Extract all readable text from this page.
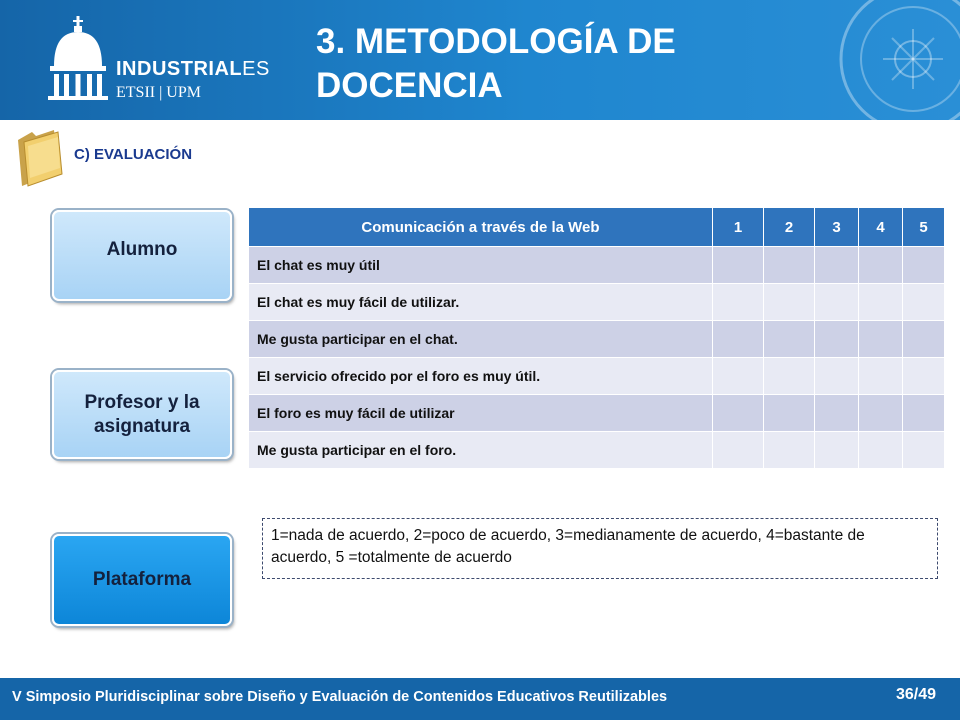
INDUSTRIALES
ETSII | UPM
3. METODOLOGÍA DE DOCENCIA
C) EVALUACIÓN
Alumno
Profesor y la asignatura
Plataforma
Comunicación a través de la Web	1	2	3	4	5
El chat es muy útil					
El chat es muy fácil de utilizar.					
Me gusta participar en el chat.					
El servicio ofrecido por el foro es muy útil.					
El foro es muy fácil de utilizar					
Me gusta participar en el foro.					
1=nada de acuerdo, 2=poco de acuerdo, 3=medianamente de acuerdo, 4=bastante de acuerdo, 5 =totalmente de acuerdo
V Simposio Pluridisciplinar sobre Diseño y Evaluación de Contenidos Educativos Reutilizables	36/49
